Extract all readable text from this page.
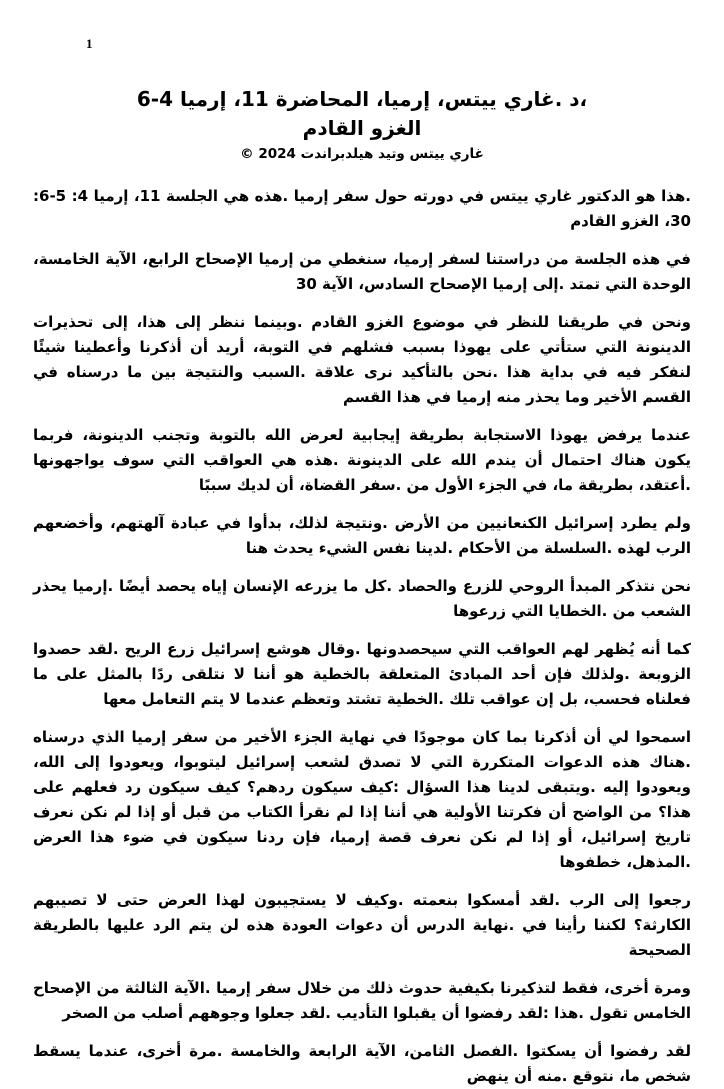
1
،د .غاري ييتس، إرميا، المحاضرة 11، إرميا 4-6
الغزو القادم
غاري ييتس وتيد هيلدبراندت 2024 ©

.هذا هو الدكتور غاري ييتس في دورته حول سفر إرميا .هذه هي الجلسة 11، إرميا 4: 5-6: 30، الغزو القادم

في هذه الجلسة من دراستنا لسفر إرميا، سنغطي من إرميا الإصحاح الرابع، الآية الخامسة، الوحدة التي تمتد .إلى إرميا الإصحاح السادس، الآية 30

ونحن في طريقنا للنظر في موضوع الغزو القادم .وبينما ننظر إلى هذا، إلى تحذيرات الدينونة التي ستأتي على يهوذا بسبب فشلهم في التوبة، أريد أن أذكرنا وأعطينا شيئًا لنفكر فيه في بداية هذا .نحن بالتأكيد نرى علاقة .السبب والنتيجة بين ما درسناه في القسم الأخير وما يحذر منه إرميا في هذا القسم

عندما يرفض يهوذا الاستجابة بطريقة إيجابية لعرض الله بالتوبة وتجنب الدينونة، فربما يكون هناك احتمال أن يندم الله على الدينونة .هذه هي العواقب التي سوف يواجهونها .أعتقد، بطريقة ما، في الجزء الأول من .سفر القضاة، أن لديك سببًا

ولم يطرد إسرائيل الكنعانيين من الأرض .ونتيجة لذلك، بدأوا في عبادة آلهتهم، وأخضعهم الرب لهذه .السلسلة من الأحكام .لدينا نفس الشيء يحدث هنا

نحن نتذكر المبدأ الروحي للزرع والحصاد .كل ما يزرعه الإنسان إياه يحصد أيضًا .إرميا يحذر الشعب من .الخطايا التي زرعوها

كما أنه يُظهر لهم العواقب التي سيحصدونها .وقال هوشع إسرائيل زرع الريح .لقد حصدوا الزوبعة .ولذلك فإن أحد المبادئ المتعلقة بالخطية هو أننا لا نتلقى ردًا بالمثل على ما فعلناه فحسب، بل إن عواقب تلك .الخطية تشتد وتعظم عندما لا يتم التعامل معها

اسمحوا لي أن أذكرنا بما كان موجودًا في نهاية الجزء الأخير من سفر إرميا الذي درسناه .هناك هذه الدعوات المتكررة التي لا تصدق لشعب إسرائيل ليتوبوا، ويعودوا إلى الله، ويعودوا إليه .ويتبقى لدينا هذا السؤال :كيف سيكون ردهم؟ كيف سيكون رد فعلهم على هذا؟ من الواضح أن فكرتنا الأولية هي أننا إذا لم نقرأ الكتاب من قبل أو إذا لم نكن نعرف تاريخ إسرائيل، أو إذا لم نكن نعرف قصة إرميا، فإن ردنا سيكون في ضوء هذا العرض .المذهل، خطفوها

رجعوا إلى الرب .لقد أمسكوا بنعمته .وكيف لا يستجيبون لهذا العرض حتى لا تصيبهم الكارثة؟ لكننا رأينا في .نهاية الدرس أن دعوات العودة هذه لن يتم الرد عليها بالطريقة الصحيحة

ومرة أخرى، فقط لتذكيرنا بكيفية حدوث ذلك من خلال سفر إرميا .الآية الثالثة من الإصحاح الخامس تقول .هذا :لقد رفضوا أن يقبلوا التأديب .لقد جعلوا وجوههم أصلب من الصخر

لقد رفضوا أن يسكتوا .الفصل الثامن، الآية الرابعة والخامسة .مرة أخرى، عندما يسقط شخص ما، نتوقع .منه أن ينهض
